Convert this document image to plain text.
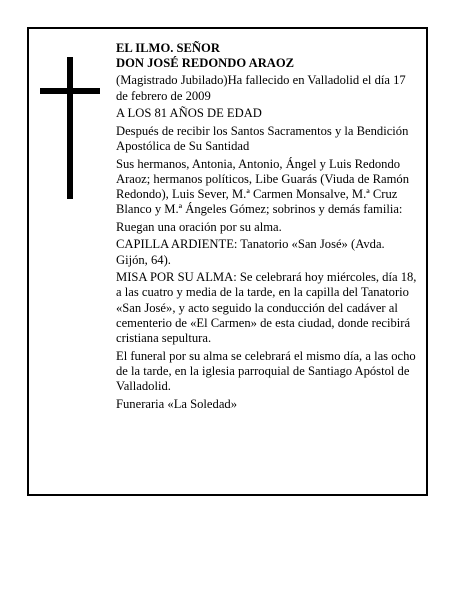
EL ILMO. SEÑOR

DON JOSÉ REDONDO ARAOZ

(Magistrado Jubilado)Ha fallecido en Valladolid el día 17 de febrero de 2009

A LOS 81 AÑOS DE EDAD

Después de recibir los Santos Sacramentos y la Bendición Apostólica de Su Santidad

Sus hermanos, Antonia, Antonio, Ángel y Luis Redondo Araoz; hermanos políticos, Libe Guarás (Viuda de Ramón Redondo), Luis Sever, M.ª Carmen Monsalve, M.ª Cruz Blanco y M.ª Ángeles Gómez; sobrinos y demás familia:

Ruegan una oración por su alma.

CAPILLA ARDIENTE: Tanatorio «San José» (Avda. Gijón, 64).

MISA POR SU ALMA: Se celebrará hoy miércoles, día 18, a las cuatro y media de la tarde, en la capilla del Tanatorio «San José», y acto seguido la conducción del cadáver al cementerio de «El Carmen» de esta ciudad, donde recibirá cristiana sepultura.

El funeral por su alma se celebrará el mismo día, a las ocho de la tarde, en la iglesia parroquial de Santiago Apóstol de Valladolid.

Funeraria «La Soledad»
